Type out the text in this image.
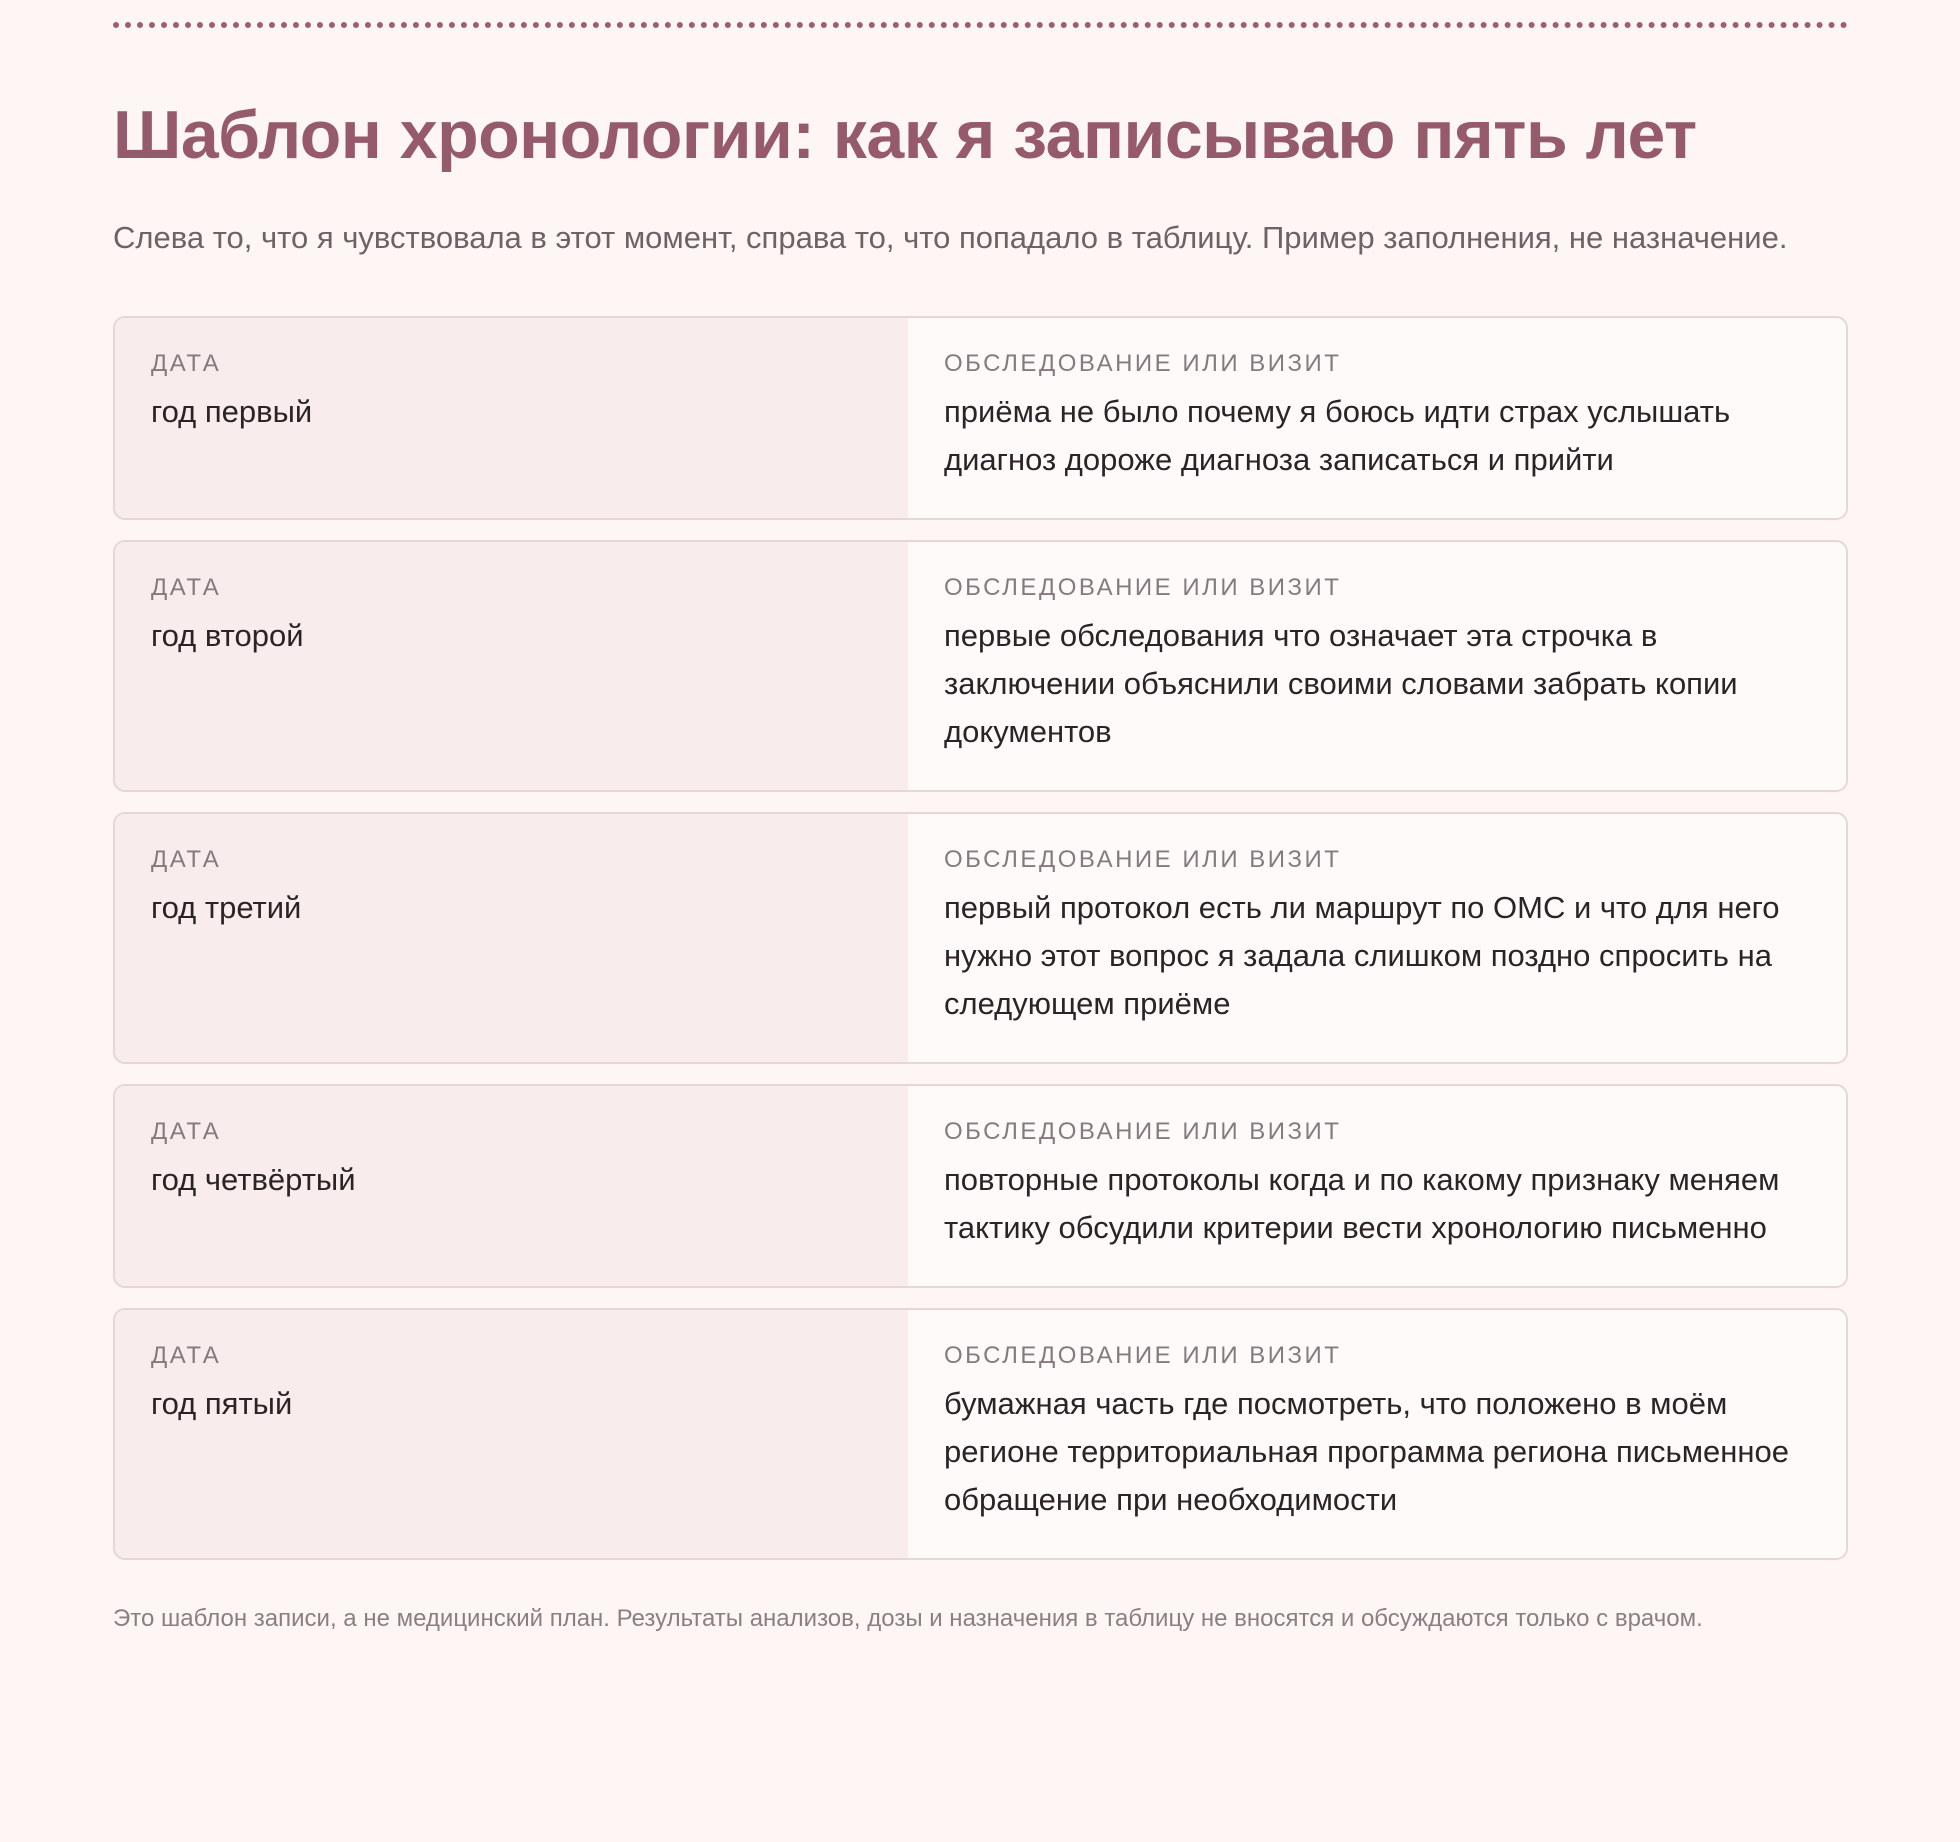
Шаблон хронологии: как я записываю пять лет

Слева то, что я чувствовала в этот момент, справа то, что попадало в таблицу. Пример заполнения, не назначение.

ДАТА
год первый
ОБСЛЕДОВАНИЕ ИЛИ ВИЗИТ
приёма не было почему я боюсь идти страх услышать диагноз дороже диагноза записаться и прийти
ДАТА
год второй
ОБСЛЕДОВАНИЕ ИЛИ ВИЗИТ
первые обследования что означает эта строчка в заключении объяснили своими словами забрать копии документов
ДАТА
год третий
ОБСЛЕДОВАНИЕ ИЛИ ВИЗИТ
первый протокол есть ли маршрут по ОМС и что для него нужно этот вопрос я задала слишком поздно спросить на следующем приёме
ДАТА
год четвёртый
ОБСЛЕДОВАНИЕ ИЛИ ВИЗИТ
повторные протоколы когда и по какому признаку меняем тактику обсудили критерии вести хронологию письменно
ДАТА
год пятый
ОБСЛЕДОВАНИЕ ИЛИ ВИЗИТ
бумажная часть где посмотреть, что положено в моём регионе территориальная программа региона письменное обращение при необходимости

Это шаблон записи, а не медицинский план. Результаты анализов, дозы и назначения в таблицу не вносятся и обсуждаются только с врачом.
